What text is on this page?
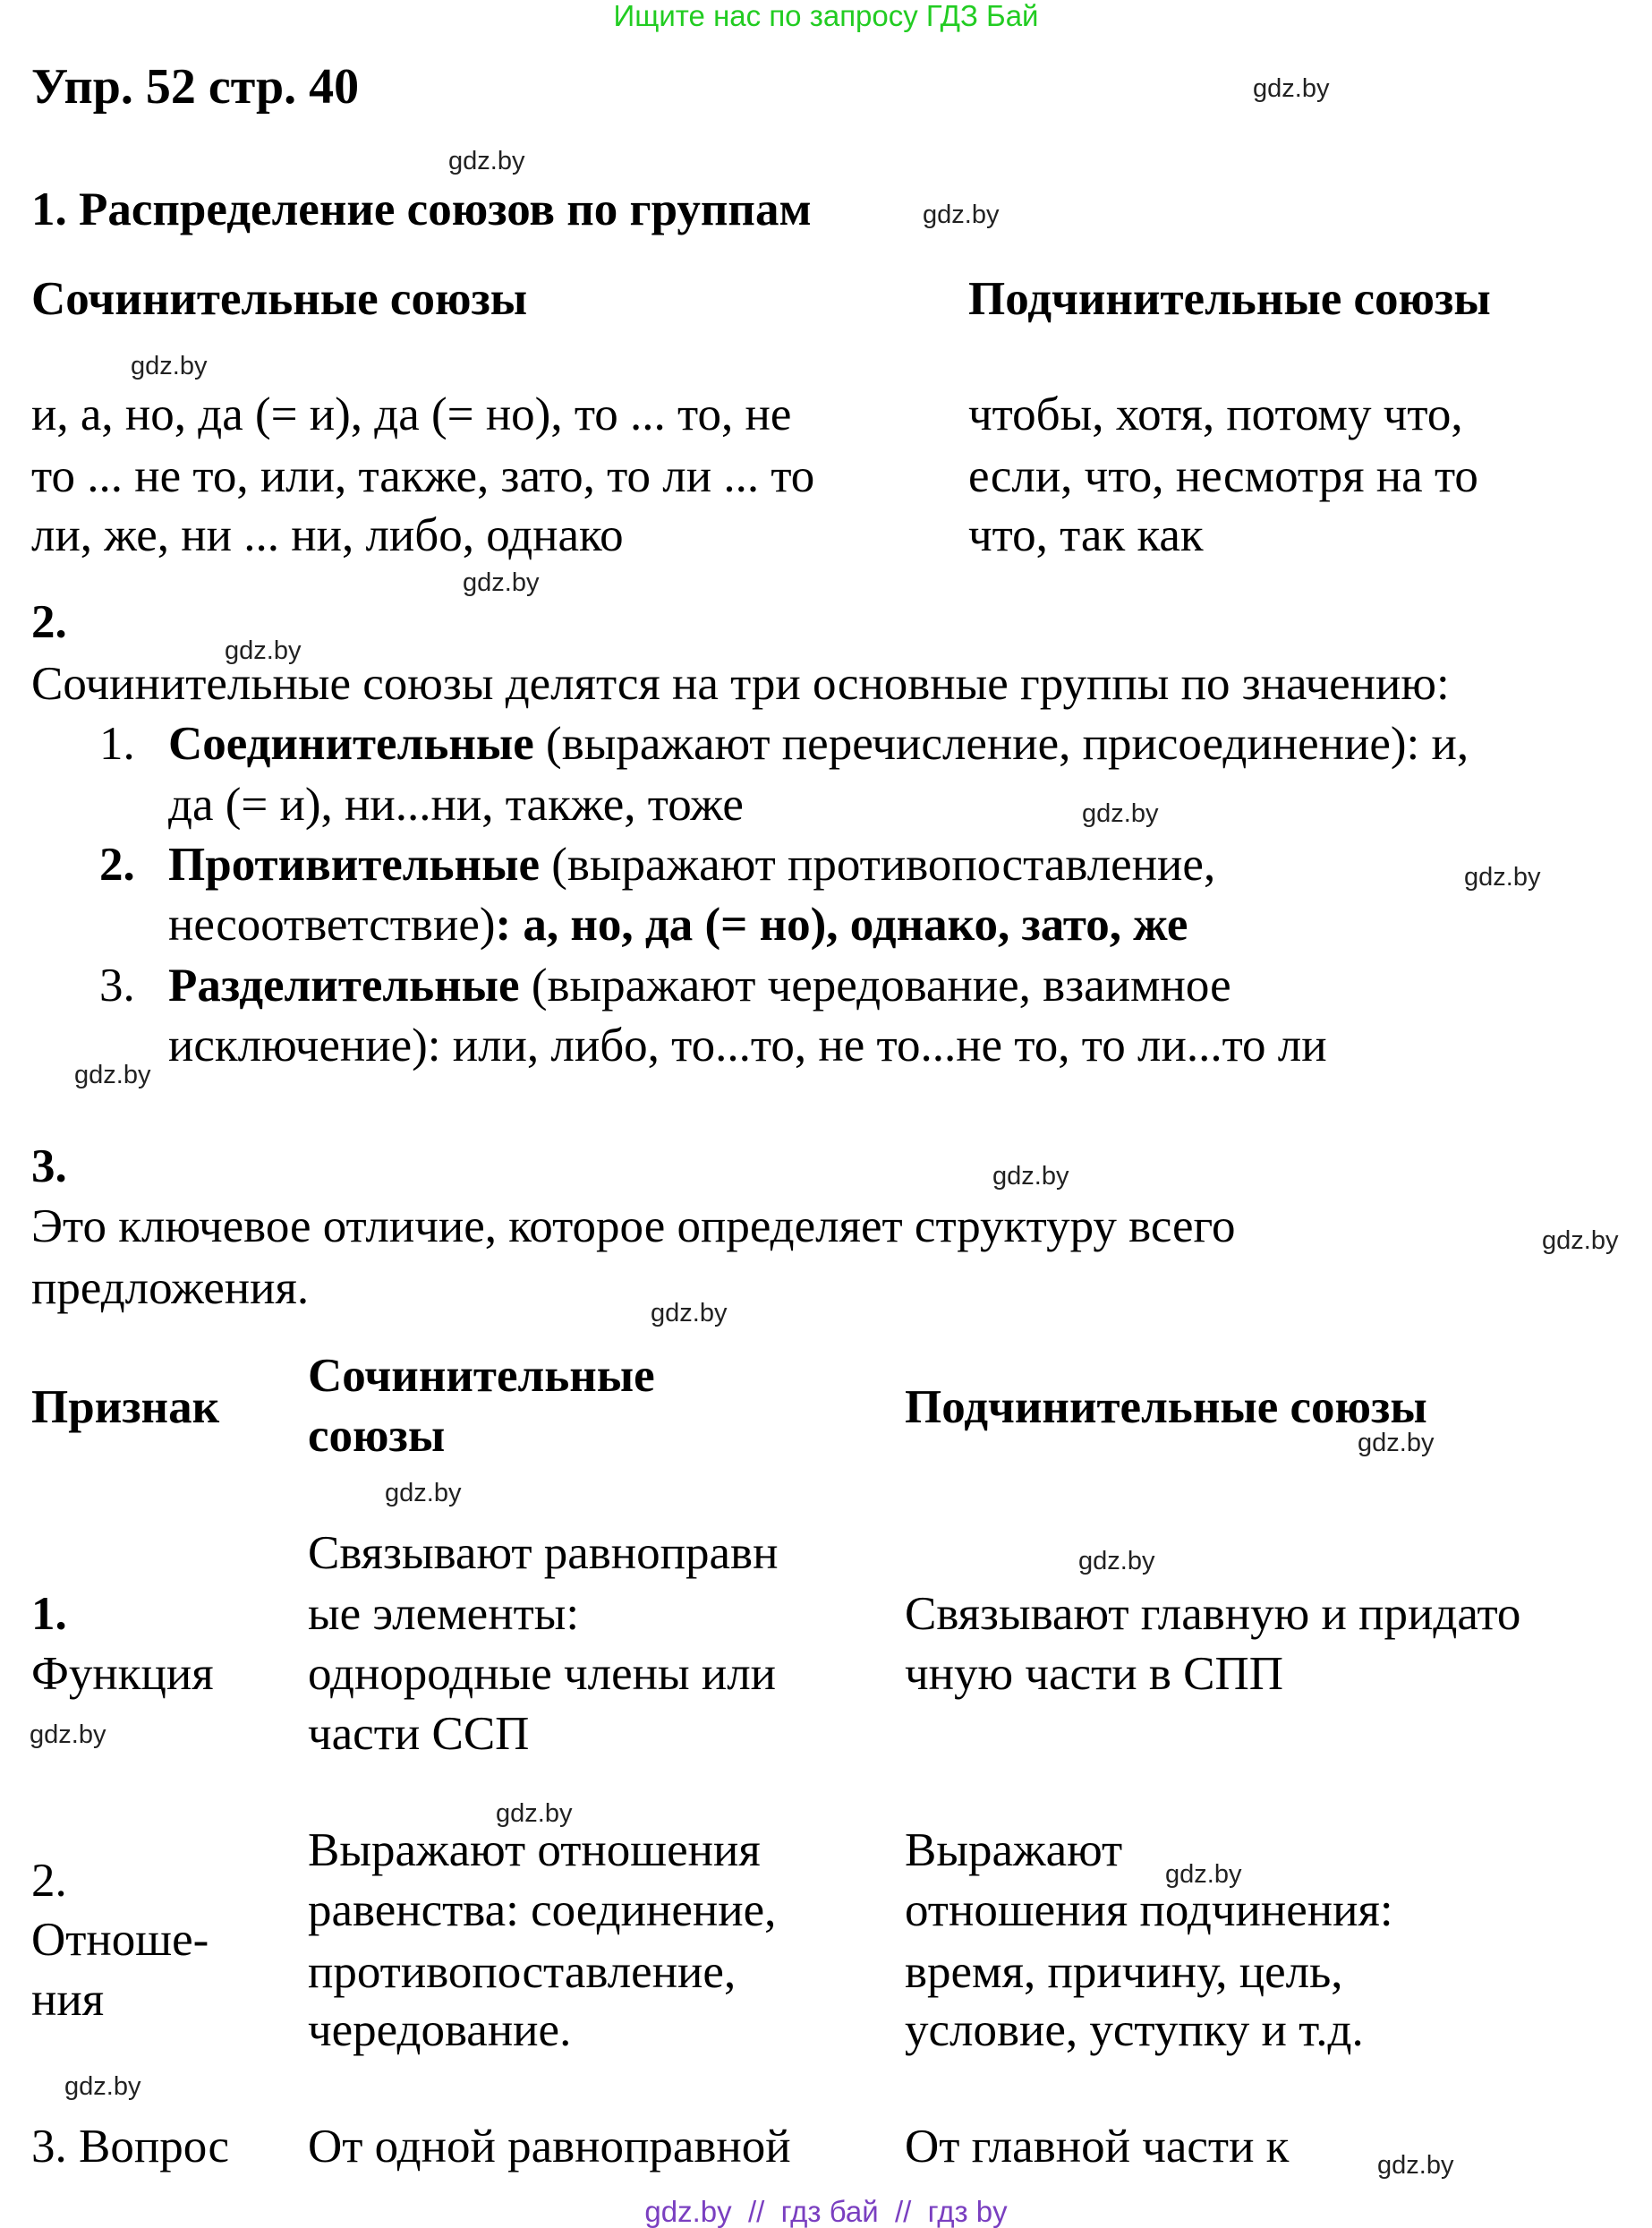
Ищите нас по запросу ГДЗ Бай
Упр. 52 стр. 40
1. Распределение союзов по группам
Сочинительные союзы	Подчинительные союзы
и, а, но, да (= и), да (= но), то ... то, не
то ... не то, или, также, зато, то ли ... то
ли, же, ни ... ни, либо, однако
чтобы, хотя, потому что,
если, что, несмотря на то
что, так как
2.
Сочинительные союзы делятся на три основные группы по значению:
1. Соединительные (выражают перечисление, присоединение): и,
да (= и), ни...ни, также, тоже
2. Противительные (выражают противопоставление,
несоответствие): а, но, да (= но), однако, зато, же
3. Разделительные (выражают чередование, взаимное
исключение): или, либо, то...то, не то...не то, то ли...то ли
3.
Это ключевое отличие, которое определяет структуру всего
предложения.
Признак
Сочинительные
союзы
Подчинительные союзы
1.
Функция
Связывают равноправн
ые элементы:
однородные члены или
части ССП
Связывают главную и придато
чную части в СПП
2.
Отноше-
ния
Выражают отношения
равенства: соединение,
противопоставление,
чередование.
Выражают
отношения подчинения:
время, причину, цель,
условие, уступку и т.д.
3. Вопрос От одной равноправной От главной части к
gdz.by
gdz.by
gdz.by
gdz.by
gdz.by
gdz.by
gdz.by
gdz.by
gdz.by
gdz.by
gdz.by
gdz.by
gdz.by
gdz.by
gdz.by
gdz.by
gdz.by
gdz.by
gdz.by
gdz.by
gdz.by  //  гдз бай  //  гдз by
